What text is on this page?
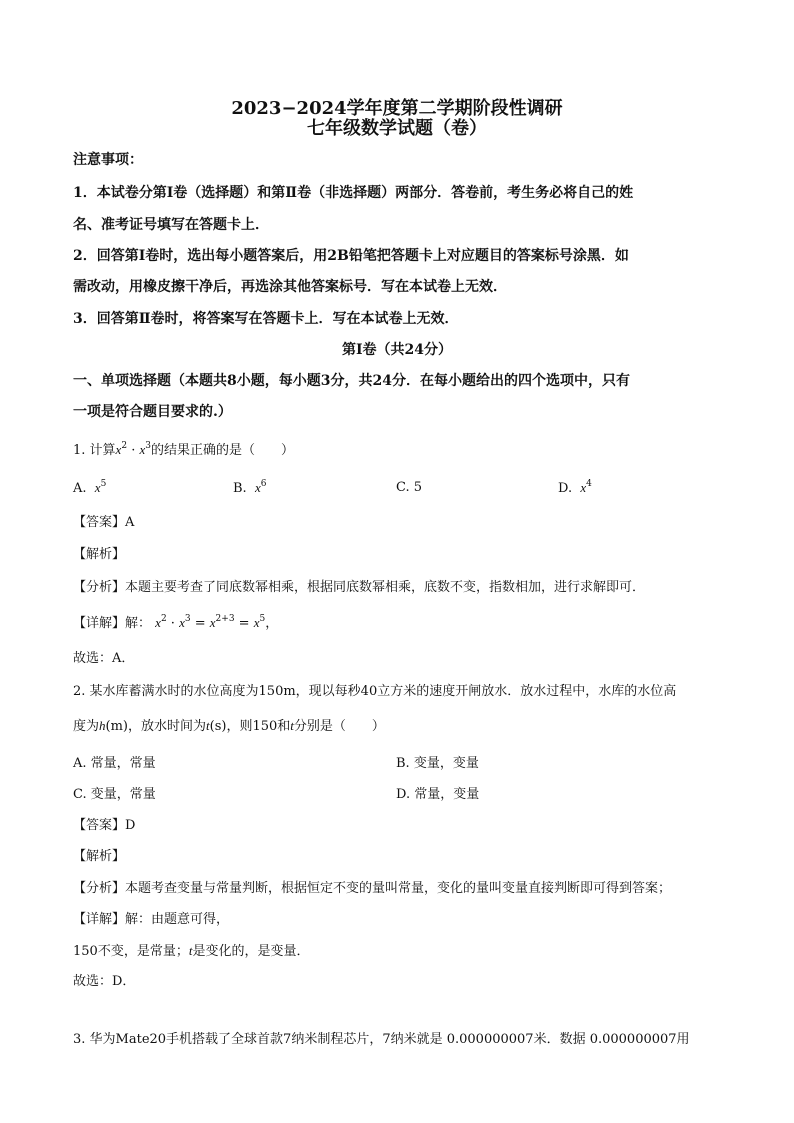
2023−2024学年度第二学期阶段性调研
七年级数学试题（卷）
注意事项：
1．本试卷分第Ⅰ卷（选择题）和第Ⅱ卷（非选择题）两部分．答卷前，考生务必将自己的姓
名、准考证号填写在答题卡上．
2．回答第Ⅰ卷时，选出每小题答案后，用2B铅笔把答题卡上对应题目的答案标号涂黑．如
需改动，用橡皮擦干净后，再选涂其他答案标号．写在本试卷上无效．
3．回答第Ⅱ卷时，将答案写在答题卡上．写在本试卷上无效．
第Ⅰ卷（共24分）
一、单项选择题（本题共8小题，每小题3分，共24分．在每小题给出的四个选项中，只有
一项是符合题目要求的.）
1. 计算$x^2 \cdot x^3$的结果正确的是（　　）
A. $x^5$	B. $x^6$	C. 5	D. $x^4$
【答案】A
【解析】
【分析】本题主要考查了同底数幂相乘，根据同底数幂相乘，底数不变，指数相加，进行求解即可．
【详解】解： $x^2 \cdot x^3 = x^{2+3} = x^5$，
故选：A．
2. 某水库蓄满水时的水位高度为150m，现以每秒40立方米的速度开闸放水．放水过程中，水库的水位高
度为h(m)，放水时间为t(s)，则150和t分别是（　　）
A. 常量，常量	B. 变量，变量
C. 变量，常量	D. 常量，变量
【答案】D
【解析】
【分析】本题考查变量与常量判断，根据恒定不变的量叫常量，变化的量叫变量直接判断即可得到答案；
【详解】解：由题意可得，
150不变，是常量；t是变化的，是变量．
故选：D．
3. 华为Mate20手机搭载了全球首款7纳米制程芯片，7纳米就是 0.000000007米．数据 0.000000007用
